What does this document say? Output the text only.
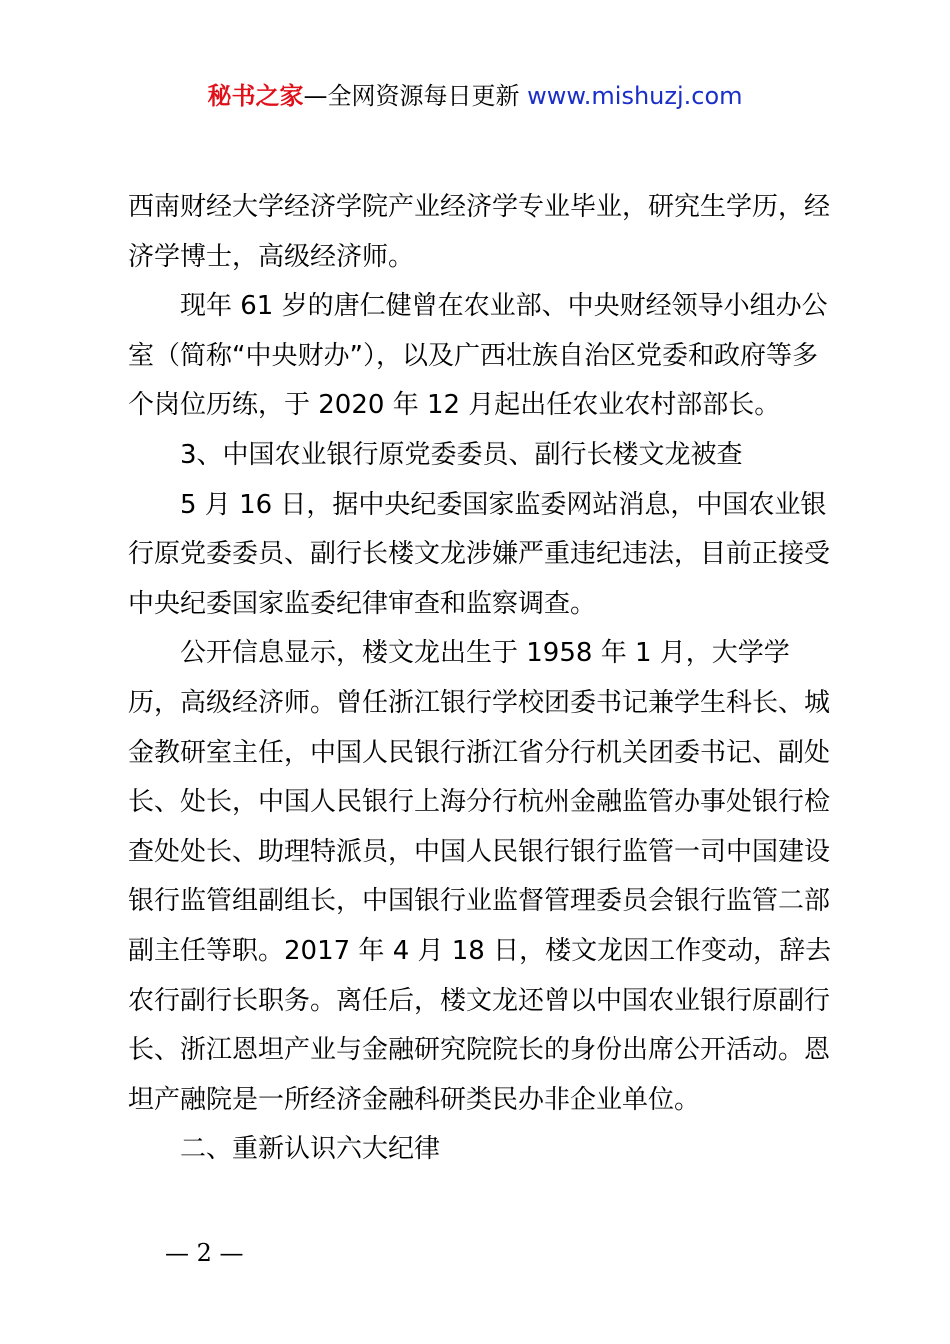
秘书之家—全网资源每日更新 www.mishuzj.com

西南财经大学经济学院产业经济学专业毕业，研究生学历，经济学博士，高级经济师。

现年 61 岁的唐仁健曾在农业部、中央财经领导小组办公室（简称“中央财办”），以及广西壮族自治区党委和政府等多个岗位历练，于 2020 年 12 月起出任农业农村部部长。

3、中国农业银行原党委委员、副行长楼文龙被查

5 月 16 日，据中央纪委国家监委网站消息，中国农业银行原党委委员、副行长楼文龙涉嫌严重违纪违法，目前正接受中央纪委国家监委纪律审查和监察调查。

公开信息显示，楼文龙出生于 1958 年 1 月，大学学历，高级经济师。曾任浙江银行学校团委书记兼学生科长、城金教研室主任，中国人民银行浙江省分行机关团委书记、副处长、处长，中国人民银行上海分行杭州金融监管办事处银行检查处处长、助理特派员，中国人民银行银行监管一司中国建设银行监管组副组长，中国银行业监督管理委员会银行监管二部副主任等职。2017 年 4 月 18 日，楼文龙因工作变动，辞去农行副行长职务。离任后，楼文龙还曾以中国农业银行原副行长、浙江恩坦产业与金融研究院院长的身份出席公开活动。恩坦产融院是一所经济金融科研类民办非企业单位。

二、重新认识六大纪律

— 2 —
